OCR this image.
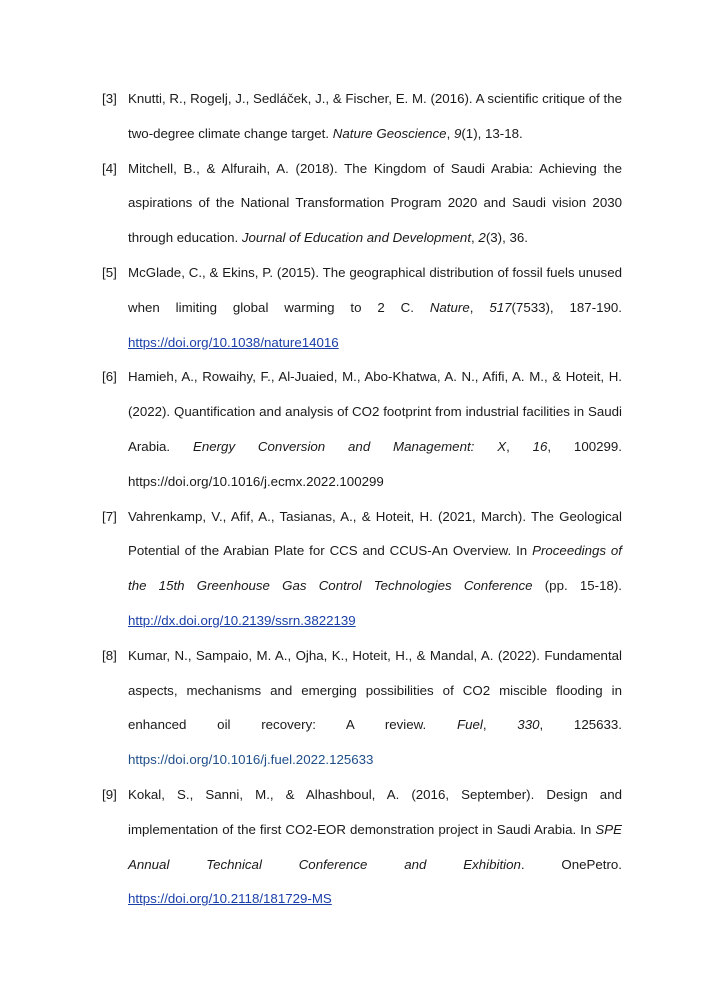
[3] Knutti, R., Rogelj, J., Sedláček, J., & Fischer, E. M. (2016). A scientific critique of the two-degree climate change target. Nature Geoscience, 9(1), 13-18.
[4] Mitchell, B., & Alfuraih, A. (2018). The Kingdom of Saudi Arabia: Achieving the aspirations of the National Transformation Program 2020 and Saudi vision 2030 through education. Journal of Education and Development, 2(3), 36.
[5] McGlade, C., & Ekins, P. (2015). The geographical distribution of fossil fuels unused when limiting global warming to 2 C. Nature, 517(7533), 187-190. https://doi.org/10.1038/nature14016
[6] Hamieh, A., Rowaihy, F., Al-Juaied, M., Abo-Khatwa, A. N., Afifi, A. M., & Hoteit, H. (2022). Quantification and analysis of CO2 footprint from industrial facilities in Saudi Arabia. Energy Conversion and Management: X, 16, 100299. https://doi.org/10.1016/j.ecmx.2022.100299
[7] Vahrenkamp, V., Afif, A., Tasianas, A., & Hoteit, H. (2021, March). The Geological Potential of the Arabian Plate for CCS and CCUS-An Overview. In Proceedings of the 15th Greenhouse Gas Control Technologies Conference (pp. 15-18). http://dx.doi.org/10.2139/ssrn.3822139
[8] Kumar, N., Sampaio, M. A., Ojha, K., Hoteit, H., & Mandal, A. (2022). Fundamental aspects, mechanisms and emerging possibilities of CO2 miscible flooding in enhanced oil recovery: A review. Fuel, 330, 125633. https://doi.org/10.1016/j.fuel.2022.125633
[9] Kokal, S., Sanni, M., & Alhashboul, A. (2016, September). Design and implementation of the first CO2-EOR demonstration project in Saudi Arabia. In SPE Annual Technical Conference and Exhibition. OnePetro. https://doi.org/10.2118/181729-MS
